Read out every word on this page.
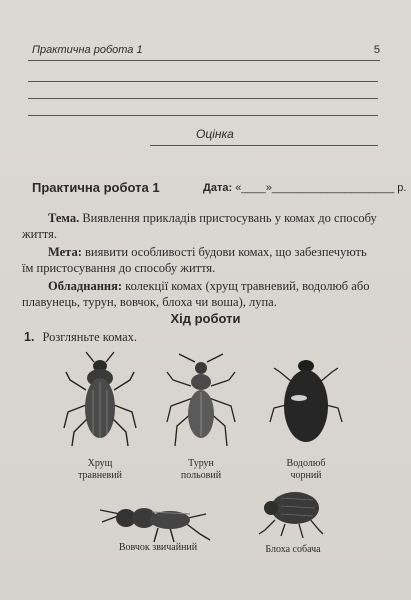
Практична робота 1	5
Оцінка
Практична робота 1	Дата: «____»____________________ р.
Тема. Виявлення прикладів пристосувань у комах до способу життя.
Мета: виявити особливості будови комах, що забезпечують їм пристосування до способу життя.
Обладнання: колекції комах (хрущ травневий, водолюб або плавунець, турун, вовчок, блоха чи воша), лупа.
Хід роботи
1. Розгляньте комах.
Хрущ
травневий
Турун
польовий
Водолюб
чорний
Вовчок звичайний	Блоха собача
